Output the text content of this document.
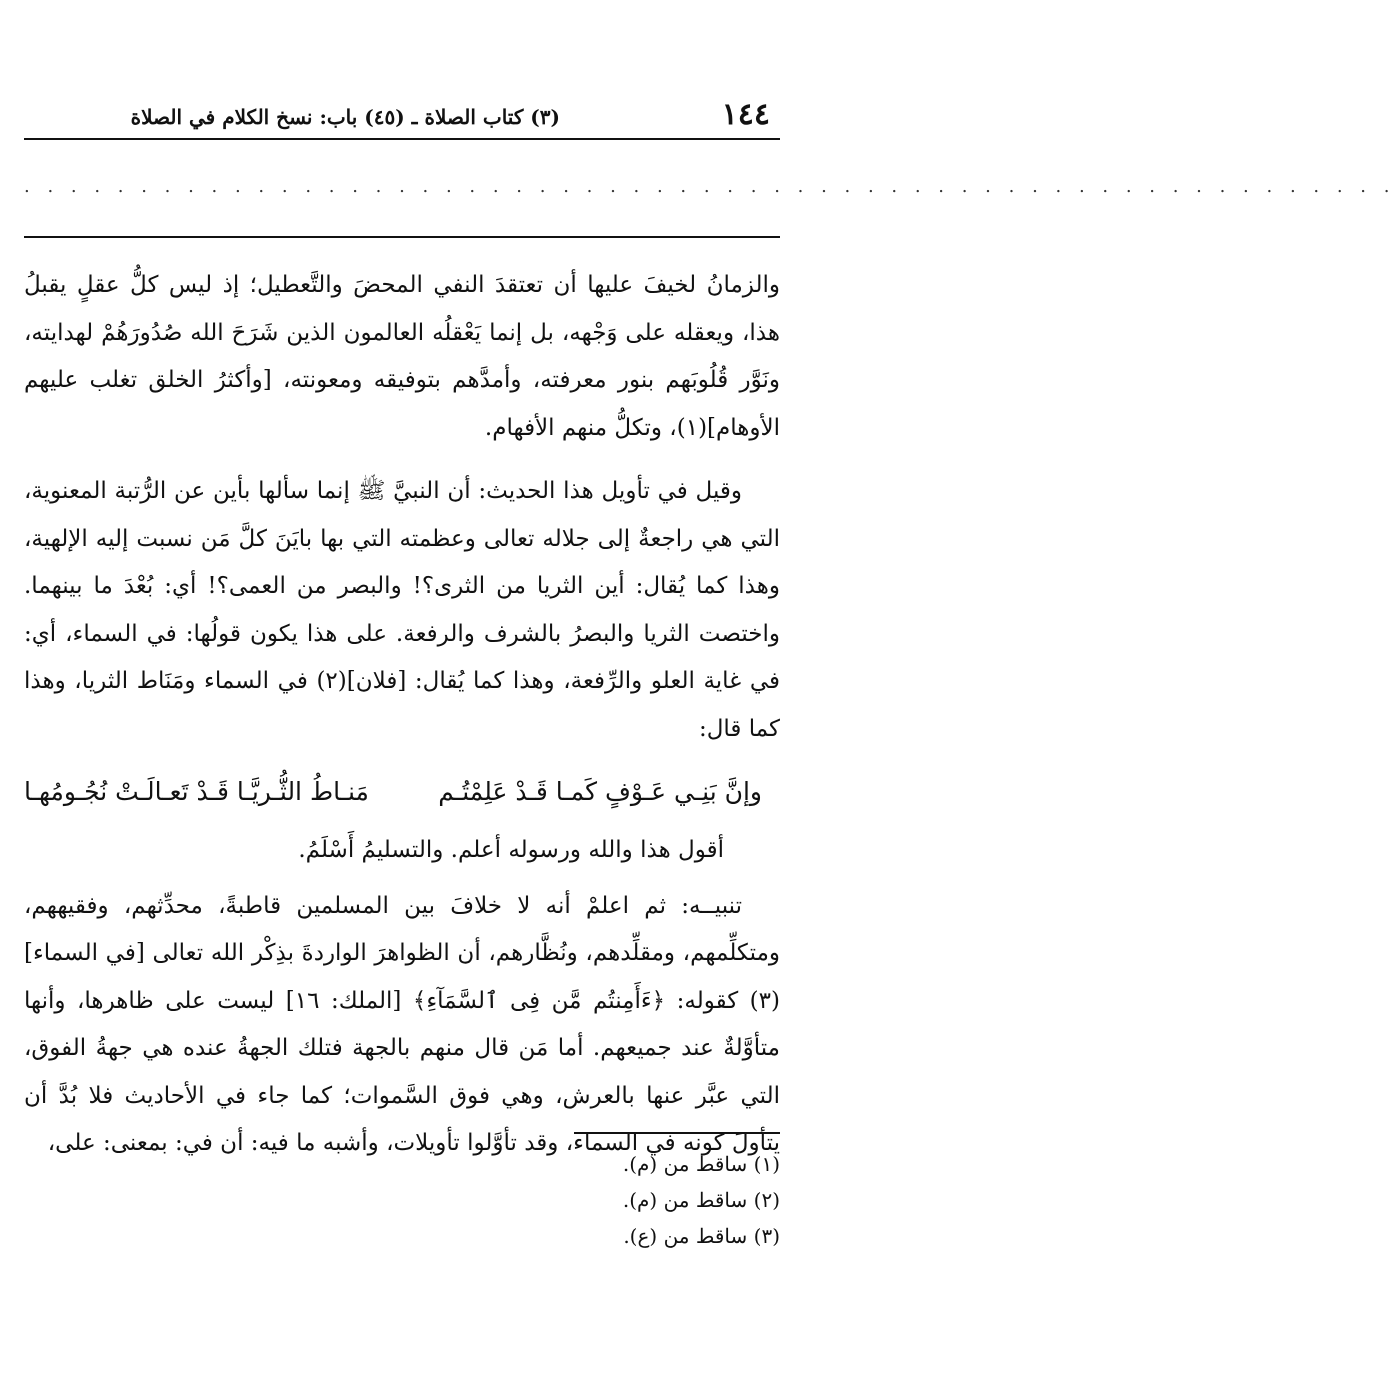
١٤٤
(٣) كتاب الصلاة ـ (٤٥) باب: نسخ الكلام في الصلاة
. . . . . . . . . . . . . . . . . . . . . . . . . . . . . . . . . . . . . . . . . . . . . . . . . . . . . . . . . . .

والزمانُ لخيفَ عليها أن تعتقدَ النفي المحضَ والتَّعطيل؛ إذ ليس كلُّ عقلٍ يقبلُ هذا، ويعقله على وَجْهه، بل إنما يَعْقلُه العالمون الذين شَرَحَ الله صُدُورَهُمْ لهدايته، ونَوَّر قُلُوبَهم بنور معرفته، وأمدَّهم بتوفيقه ومعونته، [وأكثرُ الخلق تغلب عليهم الأوهام](١)، وتكلُّ منهم الأفهام.

وقيل في تأويل هذا الحديث: أن النبيَّ ﷺ إنما سألها بأين عن الرُّتبة المعنوية، التي هي راجعةٌ إلى جلاله تعالى وعظمته التي بها بايَنَ كلَّ مَن نسبت إليه الإلهية، وهذا كما يُقال: أين الثريا من الثرى؟! والبصر من العمى؟! أي: بُعْدَ ما بينهما. واختصت الثريا والبصرُ بالشرف والرفعة. على هذا يكون قولُها: في السماء، أي: في غاية العلو والرِّفعة، وهذا كما يُقال: [فلان](٢) في السماء ومَنَاط الثريا، وهذا كما قال:

وإنَّ بَنِـي عَـوْفٍ كَمـا قَـدْ عَلِمْتُـم
مَنـاطُ الثُّـريَّـا قَـدْ تَعـالَـتْ نُجُـومُهـا

أقول هذا والله ورسوله أعلم. والتسليمُ أَسْلَمُ.

تنبيــه: ثم اعلمْ أنه لا خلافَ بين المسلمين قاطبةً، محدِّثهم، وفقيههم، ومتكلِّمهم، ومقلِّدهم، ونُظَّارهم، أن الظواهرَ الواردةَ بذِكْر الله تعالى [في السماء](٣) كقوله: ﴿ءَأَمِنتُم مَّن فِى ٱلسَّمَآءِ﴾ [الملك: ١٦] ليست على ظاهرها، وأنها متأوَّلةٌ عند جميعهم. أما مَن قال منهم بالجهة فتلك الجهةُ عنده هي جهةُ الفوق، التي عبَّر عنها بالعرش، وهي فوق السَّموات؛ كما جاء في الأحاديث فلا بُدَّ أن يتأولَ كونه في السماء، وقد تأوَّلوا تأويلات، وأشبه ما فيه: أن في: بمعنى: على،

(١) ساقط من (م).
(٢) ساقط من (م).
(٣) ساقط من (ع).
